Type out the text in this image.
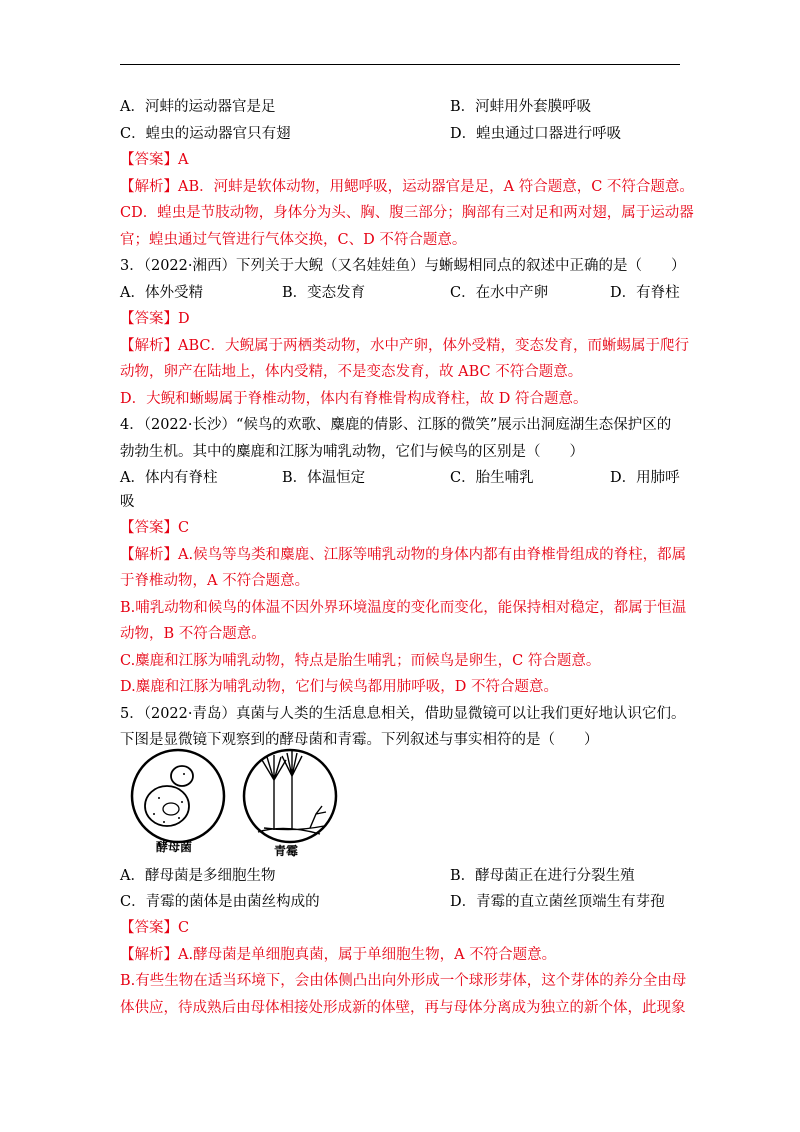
A．河蚌的运动器官是足	B．河蚌用外套膜呼吸
C．蝗虫的运动器官只有翅	D．蝗虫通过口器进行呼吸
【答案】A
【解析】AB．河蚌是软体动物，用鳃呼吸，运动器官是足，A 符合题意，C 不符合题意。
CD．蝗虫是节肢动物，身体分为头、胸、腹三部分；胸部有三对足和两对翅，属于运动器
官；蝗虫通过气管进行气体交换，C、D 不符合题意。
3．（2022·湘西）下列关于大鲵（又名娃娃鱼）与蜥蜴相同点的叙述中正确的是（　　）
A．体外受精	B．变态发育	C．在水中产卵	D．有脊柱
【答案】D
【解析】ABC．大鲵属于两栖类动物，水中产卵，体外受精，变态发育，而蜥蜴属于爬行
动物，卵产在陆地上，体内受精，不是变态发育，故 ABC 不符合题意。
D．大鲵和蜥蜴属于脊椎动物，体内有脊椎骨构成脊柱，故 D 符合题意。
4．（2022·长沙）“候鸟的欢歌、麋鹿的倩影、江豚的微笑”展示出洞庭湖生态保护区的
勃勃生机。其中的麋鹿和江豚为哺乳动物，它们与候鸟的区别是（　　）
A．体内有脊柱	B．体温恒定	C．胎生哺乳	D．用肺呼
吸
【答案】C
【解析】A.候鸟等鸟类和麋鹿、江豚等哺乳动物的身体内都有由脊椎骨组成的脊柱，都属
于脊椎动物，A 不符合题意。
B.哺乳动物和候鸟的体温不因外界环境温度的变化而变化，能保持相对稳定，都属于恒温
动物，B 不符合题意。
C.麋鹿和江豚为哺乳动物，特点是胎生哺乳；而候鸟是卵生，C 符合题意。
D.麋鹿和江豚为哺乳动物，它们与候鸟都用肺呼吸，D 不符合题意。
5．（2022·青岛）真菌与人类的生活息息相关，借助显微镜可以让我们更好地认识它们。
下图是显微镜下观察到的酵母菌和青霉。下列叙述与事实相符的是（　　）
酵母菌	青霉
A．酵母菌是多细胞生物	B．酵母菌正在进行分裂生殖
C．青霉的菌体是由菌丝构成的	D．青霉的直立菌丝顶端生有芽孢
【答案】C
【解析】A.酵母菌是单细胞真菌，属于单细胞生物，A 不符合题意。
B.有些生物在适当环境下，会由体侧凸出向外形成一个球形芽体，这个芽体的养分全由母
体供应，待成熟后由母体相接处形成新的体壁，再与母体分离成为独立的新个体，此现象
